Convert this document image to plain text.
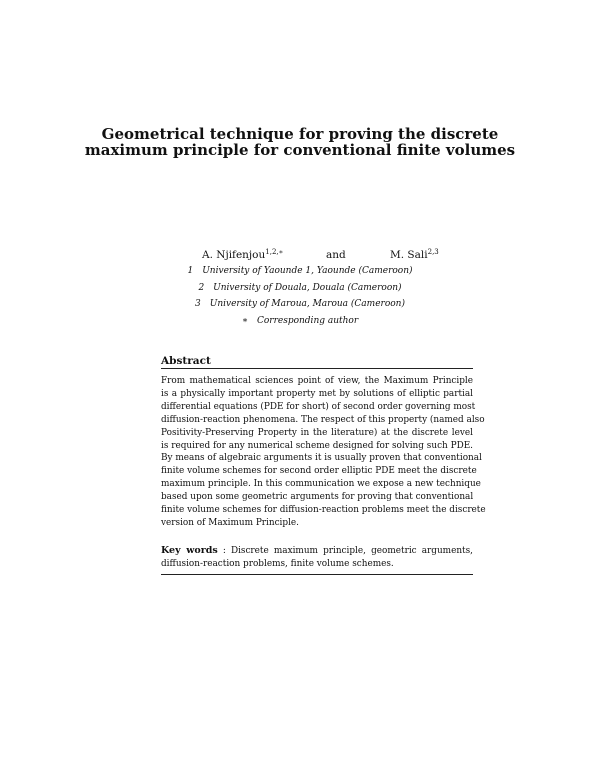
Geometrical technique for proving the discrete
maximum principle for conventional finite volumes
A. Njifenjou$^{1,2,∗}$	and	M. Sali$^{2,3}$
1 University of Yaounde 1, Yaounde (Cameroon)
2 University of Douala, Douala (Cameroon)
3 University of Maroua, Maroua (Cameroon)
∗ Corresponding author
Abstract
From mathematical sciences point of view, the Maximum Principle
is a physically important property met by solutions of elliptic partial
differential equations (PDE for short) of second order governing most
diffusion-reaction phenomena. The respect of this property (named also
Positivity-Preserving Property in the literature) at the discrete level
is required for any numerical scheme designed for solving such PDE.
By means of algebraic arguments it is usually proven that conventional
finite volume schemes for second order elliptic PDE meet the discrete
maximum principle. In this communication we expose a new technique
based upon some geometric arguments for proving that conventional
finite volume schemes for diffusion-reaction problems meet the discrete
version of Maximum Principle.
Key words : Discrete maximum principle, geometric arguments,
diffusion-reaction problems, finite volume schemes.
